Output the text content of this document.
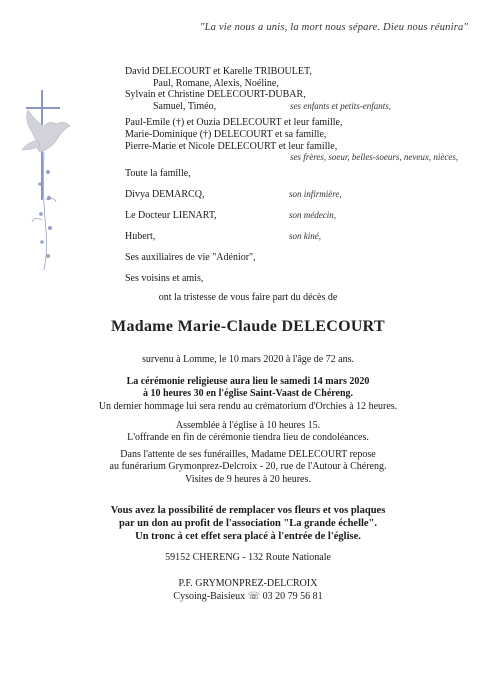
"La vie nous a unis, la mort nous sépare. Dieu nous réunira"
David DELECOURT et Karelle TRIBOULET,
Paul, Romane, Alexis, Noéline,
Sylvain et Christine DELECOURT-DUBAR,
Samuel, Timéo,	ses enfants et petits-enfants,
Paul-Emile (†) et Ouzia DELECOURT et leur famille,
Marie-Dominique (†) DELECOURT et sa famille,
Pierre-Marie et Nicole DELECOURT et leur famille,
ses frères, soeur, belles-soeurs, neveux, nièces,
Toute la famille,
Divya DEMARCQ,	son infirmière,
Le Docteur LIENART,	son médecin,
Hubert,	son kiné,
Ses auxiliaires de vie "Adénior",
Ses voisins et amis,
ont la tristesse de vous faire part du décès de
Madame Marie-Claude DELECOURT
survenu à Lomme, le 10 mars 2020 à l'âge de 72 ans.
La cérémonie religieuse aura lieu le samedi 14 mars 2020
à 10 heures 30 en l'église Saint-Vaast de Chéreng.
Un dernier hommage lui sera rendu au crématorium d'Orchies à 12 heures.
Assemblée à l'église à 10 heures 15.
L'offrande en fin de cérémonie tiendra lieu de condoléances.
Dans l'attente de ses funérailles, Madame DELECOURT repose
au funérarium Grymonprez-Delcroix - 20, rue de l'Autour à Chéreng.
Visites de 9 heures à 20 heures.
Vous avez la possibilité de remplacer vos fleurs et vos plaques
par un don au profit de l'association "La grande échelle".
Un tronc à cet effet sera placé à l'entrée de l'église.
59152 CHERENG - 132 Route Nationale
P.F. GRYMONPREZ-DELCROIX
Cysoing-Baisieux ☏ 03 20 79 56 81
